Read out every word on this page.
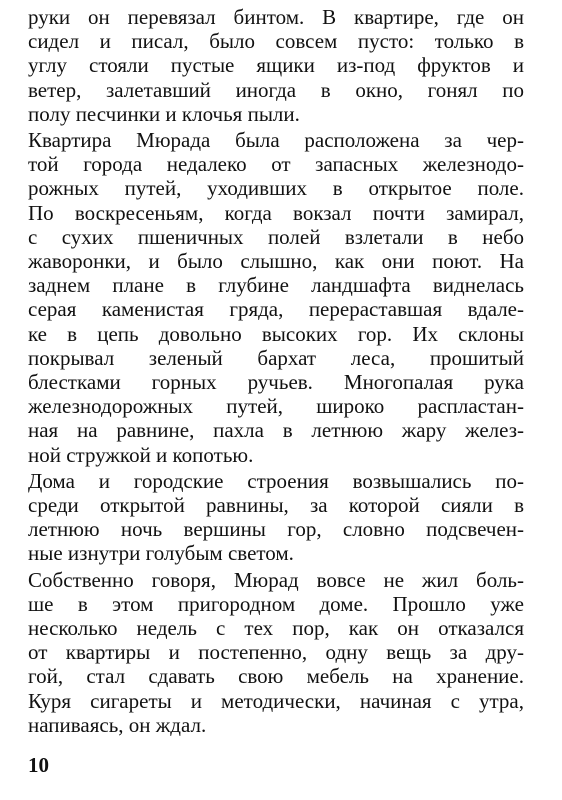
руки он перевязал бинтом. В квартире, где он
сидел и писал, было совсем пусто: только в
углу стояли пустые ящики из-под фруктов и
ветер, залетавший иногда в окно, гонял по
полу песчинки и клочья пыли.
Квартира Мюрада была расположена за чер-
той города недалеко от запасных железнодо-
рожных путей, уходивших в открытое поле.
По воскресеньям, когда вокзал почти замирал,
с сухих пшеничных полей взлетали в небо
жаворонки, и было слышно, как они поют. На
заднем плане в глубине ландшафта виднелась
серая каменистая гряда, перераставшая вдале-
ке в цепь довольно высоких гор. Их склоны
покрывал зеленый бархат леса, прошитый
блестками горных ручьев. Многопалая рука
железнодорожных путей, широко распластан-
ная на равнине, пахла в летнюю жару желез-
ной стружкой и копотью.
Дома и городские строения возвышались по-
среди открытой равнины, за которой сияли в
летнюю ночь вершины гор, словно подсвечен-
ные изнутри голубым светом.
Собственно говоря, Мюрад вовсе не жил боль-
ше в этом пригородном доме. Прошло уже
несколько недель с тех пор, как он отказался
от квартиры и постепенно, одну вещь за дру-
гой, стал сдавать свою мебель на хранение.
Куря сигареты и методически, начиная с утра,
напиваясь, он ждал.
10
